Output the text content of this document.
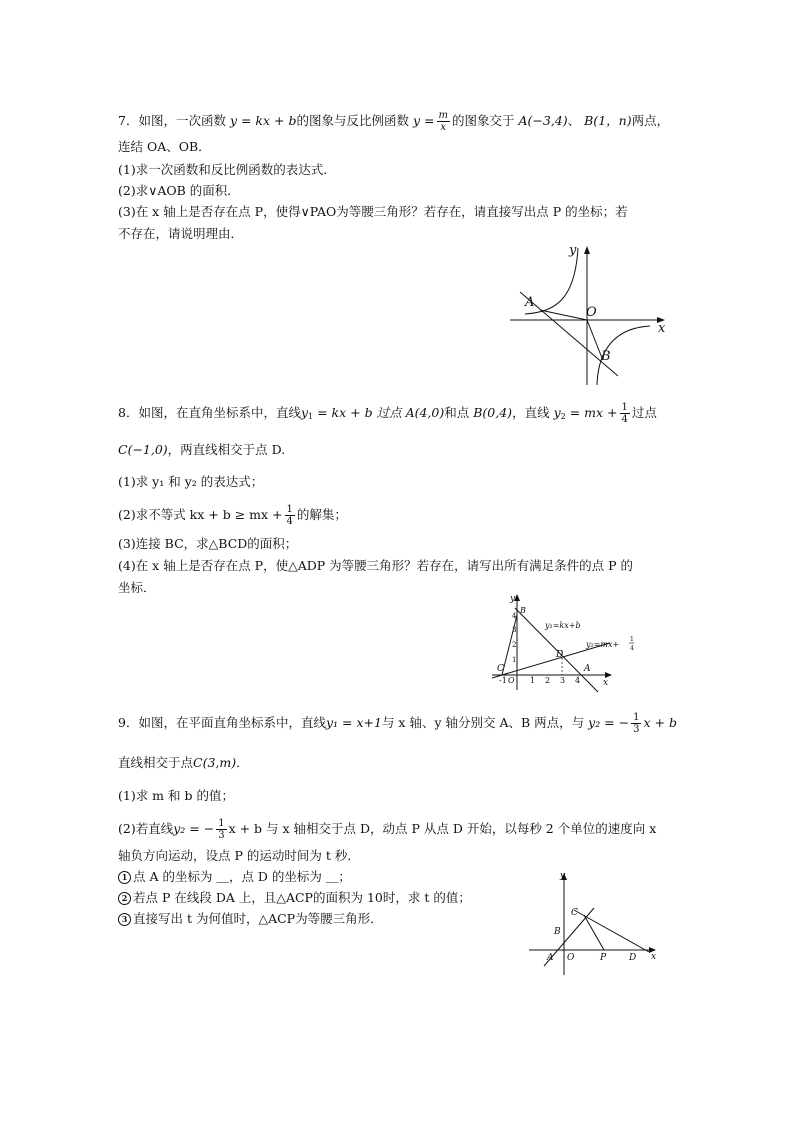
7．如图，一次函数 y = kx + b的图象与反比例函数 $y = \frac{m}{x}$ 的图象交于 A(−3,4)、 B(1，n)两点，
连结 OA、OB．
(1)求一次函数和反比例函数的表达式．
(2)求∨AOB 的面积．
(3)在 x 轴上是否存在点 P，使得∨PAO为等腰三角形？若存在，请直接写出点 P 的坐标；若
不存在，请说明理由．
A
O
B
x
y
8．如图，在直角坐标系中，直线$y_1$ = kx + b 过点 A(4,0)和点 B(0,4)，直线 $y_2$ = mx + $\frac{1}{4}$ 过点
C(−1,0)，两直线相交于点 D.
(1)求 y₁ 和 y₂ 的表达式；
(2)求不等式 kx + b ≥ mx + $\frac{1}{4}$ 的解集；
(3)连接 BC，求△BCD的面积；
(4)在 x 轴上是否存在点 P，使△ADP 为等腰三角形？若存在，请写出所有满足条件的点 P 的
坐标．
B
y
x
C
D
A
-1 O 1 2 3 4
4
3
2
1
y₁=kx+b
y₂=mx+
1
4
9．如图，在平面直角坐标系中，直线y₁ = x+1与 x 轴、y 轴分别交 A、B 两点，与 y₂ = − $\frac{1}{3}$ x + b
直线相交于点C(3,m)．
(1)求 m 和 b 的值；
(2)若直线y₂ = − $\frac{1}{3}$ x + b 与 x 轴相交于点 D，动点 P 从点 D 开始，以每秒 2 个单位的速度向 x
轴负方向运动，设点 P 的运动时间为 t 秒．
1 点 A 的坐标为 ＿，点 D 的坐标为 ＿；
2 若点 P 在线段 DA 上，且△ACP的面积为 10时，求 t 的值；
3 直接写出 t 为何值时，△ACP为等腰三角形．
y
x
C
B
A O	P	D
